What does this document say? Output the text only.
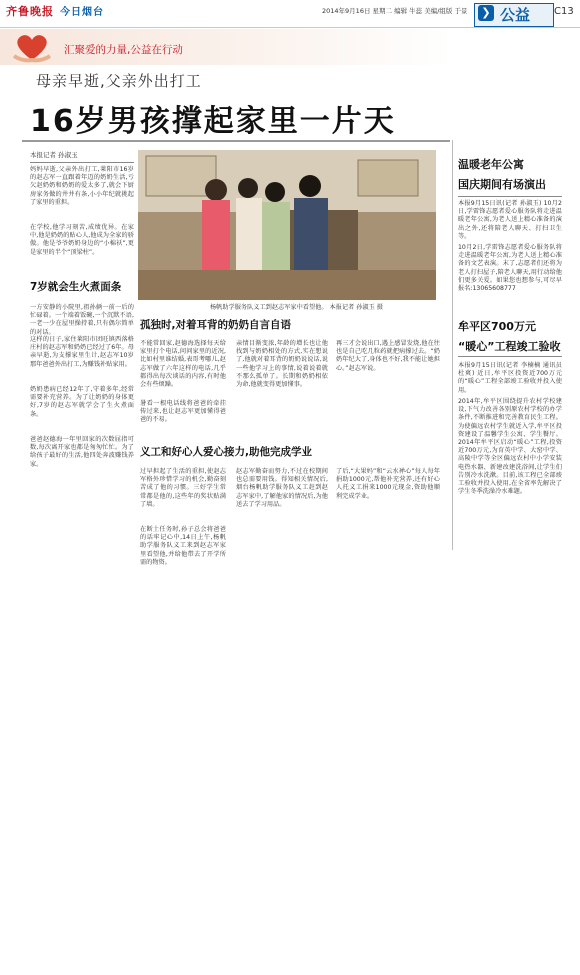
齐鲁晚报 今日烟台	2014年9月16日 星期二 编辑 牛蕊 美编/组版 于景	❯ 公益 C13
汇聚爱的力量,公益在行动
母亲早逝,父亲外出打工
16岁男孩撑起家里一片天
本报记者 孙淑玉
妈妈早逝,父亲外出打工,莱阳市16岁的赵志军一直跟着年迈的奶奶生活,亏欠赵奶奶和奶奶的爱太多了,就会下厨房家务做的井井有条,小小年纪就挑起了家里的重担。
在学校,他学习刻苦,成绩优异。在家中,他是奶奶的贴心人,他成为全家的骄傲。他是爷爷奶奶身边的“小棉袄”,更是家里的半个“顶梁柱”。
7岁就会生火煮面条
一方安静的小院里,祖孙俩一前一后的忙碌着。一个端着饭碗,一个沉默不语,一老一少在屋里操持着,只有偶尔简单的对话。
这样的日子,家住莱阳市团旺镇西落格庄村的赵志军和奶奶已经过了6年。母亲早逝,为支撑家里生计,赵志军10岁那年爸爸外出打工,为赚钱补贴家用。
奶奶患病已经12年了,守着多年,经常需要补充营养。为了让奶奶的身体更好,7岁的赵志军就学会了生火煮面条。
爸爸赵德海一年里回家的次数屈指可数,每次离开家也都是匆匆忙忙。为了给孩子最好的生活,他四处奔波赚钱养家。
杨帆助学服务队义工到赵志军家中看望他。 本报记者 孙淑玉 摄
孤独时,对着耳背的奶奶自言自语
不能常回家,赵德海选择每天给家里打个电话,问问家里的近况,比如村里谁结婚,表哥考哪儿,赵志军做了六年这样的电话,几乎都得出每次谈话的内容,有时他会有些烦躁。
暑看一根电话线将爸爸的牵挂传过来,也让赵志军更加懂得爸爸的不易。
亲情目渐变浓,年龄的增长也让他找到与奶奶相处的方式,实在想说了,他就对着耳背的奶奶说说话,说一些他学习上的事情,说着说着就不那么孤单了。长期和奶奶相依为命,他就变得更加懂事。
再三才会说出口,遇上感冒发烧,他在往也是自己吃几粒药就把病撑过去。“奶奶年纪大了,身体也不好,我不能让她担心。”赵志军说。
义工和好心人爱心接力,助他完成学业
过早担起了生活的重担,使赵志军格外珍惜学习的机会,勤奋刻苦成了他的习惯。三好学生常常都是他的,这些年的奖状贴满了墙。
在断土任务时,孙子总会将爸爸的话牢记心中,14日上午,杨帆助学服务队义工来到赵志军家里看望他,并给他带去了开学所需的物资。
赵志军勤奋而努力,不过在校期间也总需要用钱。得知相关情况后,烟台杨帆助学服务队义工赶到赵志军家中,了解他家的情况后,为他送去了学习用品。
了后,“大果妈”和“云水禅心”每人每年捐助1000元,帮他补充营养,还有好心人托义工捐来1000元现金,资助他顺利完成学业。
温暖老年公寓
国庆期间有场演出
本报9月15日讯(记者 孙淑玉) 10月2日,学雷锋志愿者爱心服务队将走进温暖老年公寓,为老人送上精心准备的演出之外,还将陪老人聊天、打扫卫生等。
10月2日,学雷锋志愿者爱心服务队将走进温暖老年公寓,为老人送上精心准备的文艺表演。末了,志愿者们还将为老人打扫屋子,陪老人聊天,用行动给他们更多关爱。如果您也想参与,可尽早报名:13065608777
牟平区700万元
“暖心”工程竣工验收
本报9月15日讯(记者 李楠楠 通讯员 杜爽) 近日,牟平区投资近700万元的“暖心”工程全部竣工验收并投入使用。
2014年,牟平区围绕提升农村学校建设,下气力改善各别原农村学校的办学条件,不断推进和完善教育民生工程。为使偏远农村学生就近入学,牟平区投资建设了温馨学生公寓、学生餐厅。2014年牟平区启动“暖心”工程,投资近700万元,为育英中学、大窑中学、高陵中学等全区偏远农村中小学安装电热水器、新建改建洗浴间,让学生们告别冷水洗漱。目前,该工程已全部竣工验收并投入使用,在全省率先解决了学生冬季洗澡冷水难题。
